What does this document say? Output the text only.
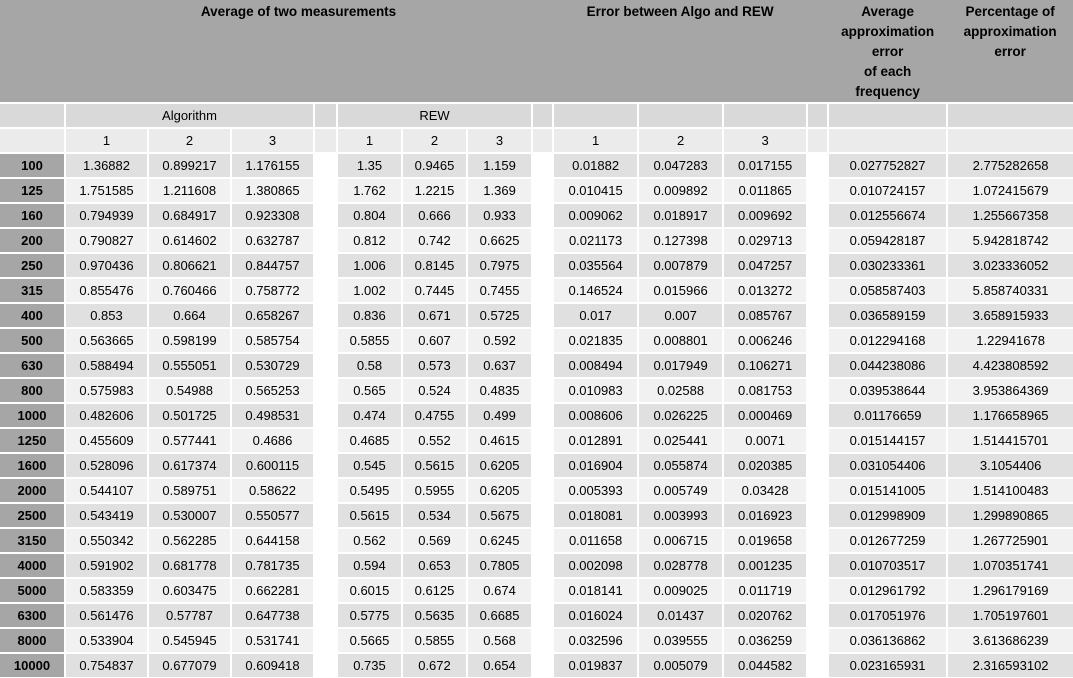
	Average of two measurements		Error between Algo and REW		Average
approximation
error
of each
frequency

Percentage of
approximation
error

	Algorithm				REW									
	1	2	3		1	2	3		1	2	3			
100	1.36882	0.899217	1.176155		1.35	0.9465	1.159		0.01882	0.047283	0.017155		0.027752827	2.775282658
125	1.751585	1.211608	1.380865		1.762	1.2215	1.369		0.010415	0.009892	0.011865		0.010724157	1.072415679
160	0.794939	0.684917	0.923308		0.804	0.666	0.933		0.009062	0.018917	0.009692		0.012556674	1.255667358
200	0.790827	0.614602	0.632787		0.812	0.742	0.6625		0.021173	0.127398	0.029713		0.059428187	5.942818742
250	0.970436	0.806621	0.844757		1.006	0.8145	0.7975		0.035564	0.007879	0.047257		0.030233361	3.023336052
315	0.855476	0.760466	0.758772		1.002	0.7445	0.7455		0.146524	0.015966	0.013272		0.058587403	5.858740331
400	0.853	0.664	0.658267		0.836	0.671	0.5725		0.017	0.007	0.085767		0.036589159	3.658915933
500	0.563665	0.598199	0.585754		0.5855	0.607	0.592		0.021835	0.008801	0.006246		0.012294168	1.22941678
630	0.588494	0.555051	0.530729		0.58	0.573	0.637		0.008494	0.017949	0.106271		0.044238086	4.423808592
800	0.575983	0.54988	0.565253		0.565	0.524	0.4835		0.010983	0.02588	0.081753		0.039538644	3.953864369
1000	0.482606	0.501725	0.498531		0.474	0.4755	0.499		0.008606	0.026225	0.000469		0.01176659	1.176658965
1250	0.455609	0.577441	0.4686		0.4685	0.552	0.4615		0.012891	0.025441	0.0071		0.015144157	1.514415701
1600	0.528096	0.617374	0.600115		0.545	0.5615	0.6205		0.016904	0.055874	0.020385		0.031054406	3.1054406
2000	0.544107	0.589751	0.58622		0.5495	0.5955	0.6205		0.005393	0.005749	0.03428		0.015141005	1.514100483
2500	0.543419	0.530007	0.550577		0.5615	0.534	0.5675		0.018081	0.003993	0.016923		0.012998909	1.299890865
3150	0.550342	0.562285	0.644158		0.562	0.569	0.6245		0.011658	0.006715	0.019658		0.012677259	1.267725901
4000	0.591902	0.681778	0.781735		0.594	0.653	0.7805		0.002098	0.028778	0.001235		0.010703517	1.070351741
5000	0.583359	0.603475	0.662281		0.6015	0.6125	0.674		0.018141	0.009025	0.011719		0.012961792	1.296179169
6300	0.561476	0.57787	0.647738		0.5775	0.5635	0.6685		0.016024	0.01437	0.020762		0.017051976	1.705197601
8000	0.533904	0.545945	0.531741		0.5665	0.5855	0.568		0.032596	0.039555	0.036259		0.036136862	3.613686239
10000	0.754837	0.677079	0.609418		0.735	0.672	0.654		0.019837	0.005079	0.044582		0.023165931	2.316593102
